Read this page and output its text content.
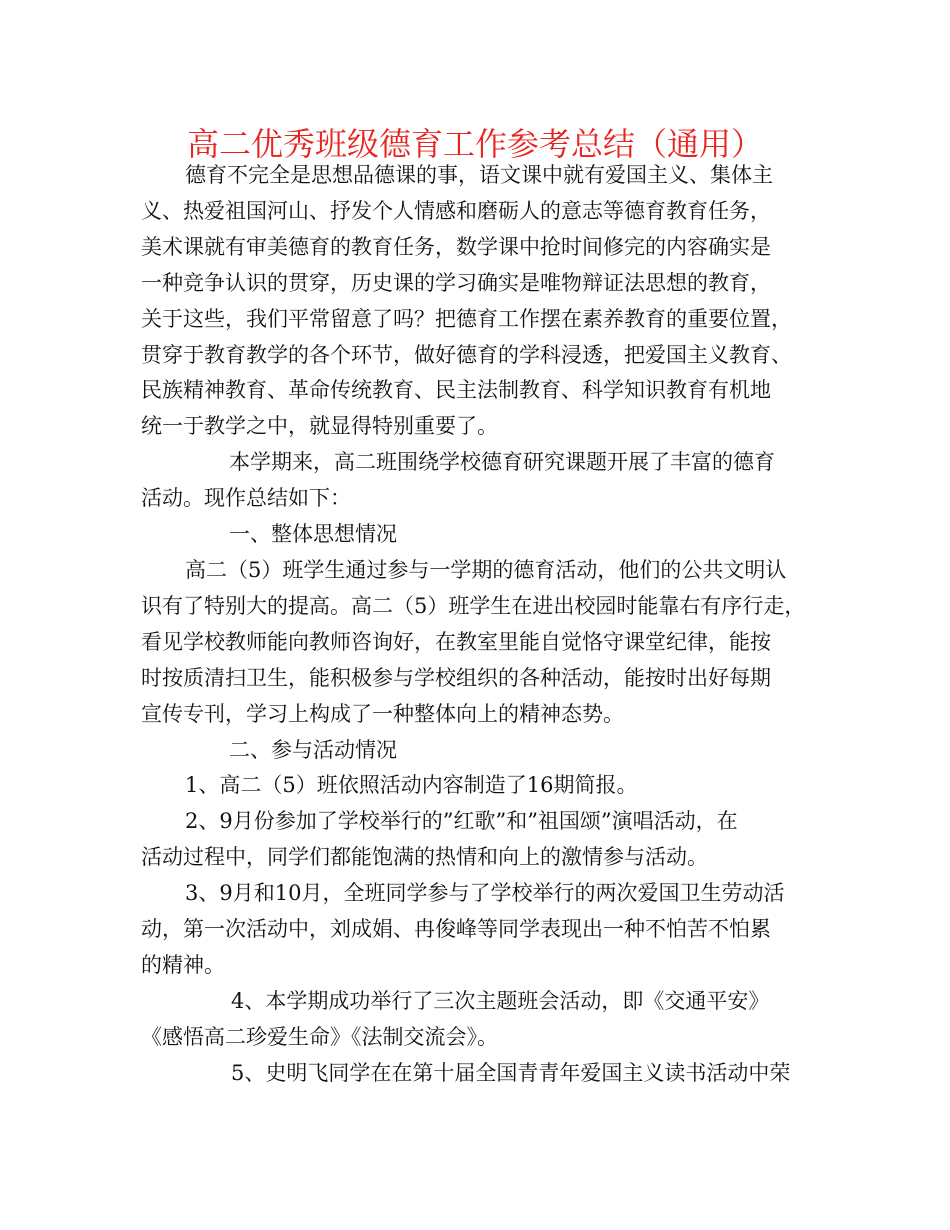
高二优秀班级德育工作参考总结（通用）

德育不完全是思想品德课的事，语文课中就有爱国主义、集体主

义、热爱祖国河山、抒发个人情感和磨砺人的意志等德育教育任务，

美术课就有审美德育的教育任务，数学课中抢时间修完的内容确实是

一种竞争认识的贯穿，历史课的学习确实是唯物辩证法思想的教育，

关于这些，我们平常留意了吗？把德育工作摆在素养教育的重要位置，

贯穿于教育教学的各个环节，做好德育的学科浸透，把爱国主义教育、

民族精神教育、革命传统教育、民主法制教育、科学知识教育有机地

统一于教学之中，就显得特别重要了。

本学期来，高二班围绕学校德育研究课题开展了丰富的德育

活动。现作总结如下：

一、整体思想情况

高二（5）班学生通过参与一学期的德育活动，他们的公共文明认

识有了特别大的提高。高二（5）班学生在进出校园时能靠右有序行走，

看见学校教师能向教师咨询好，在教室里能自觉恪守课堂纪律，能按

时按质清扫卫生，能积极参与学校组织的各种活动，能按时出好每期

宣传专刊，学习上构成了一种整体向上的精神态势。

二、参与活动情况

1、高二（5）班依照活动内容制造了16期简报。

2、9月份参加了学校举行的”红歌”和”祖国颂”演唱活动，在

活动过程中，同学们都能饱满的热情和向上的激情参与活动。

3、9月和10月，全班同学参与了学校举行的两次爱国卫生劳动活

动，第一次活动中，刘成娟、冉俊峰等同学表现出一种不怕苦不怕累

的精神。

4、本学期成功举行了三次主题班会活动，即《交通平安》

《感悟高二珍爱生命》《法制交流会》。

5、史明飞同学在在第十届全国青青年爱国主义读书活动中荣
